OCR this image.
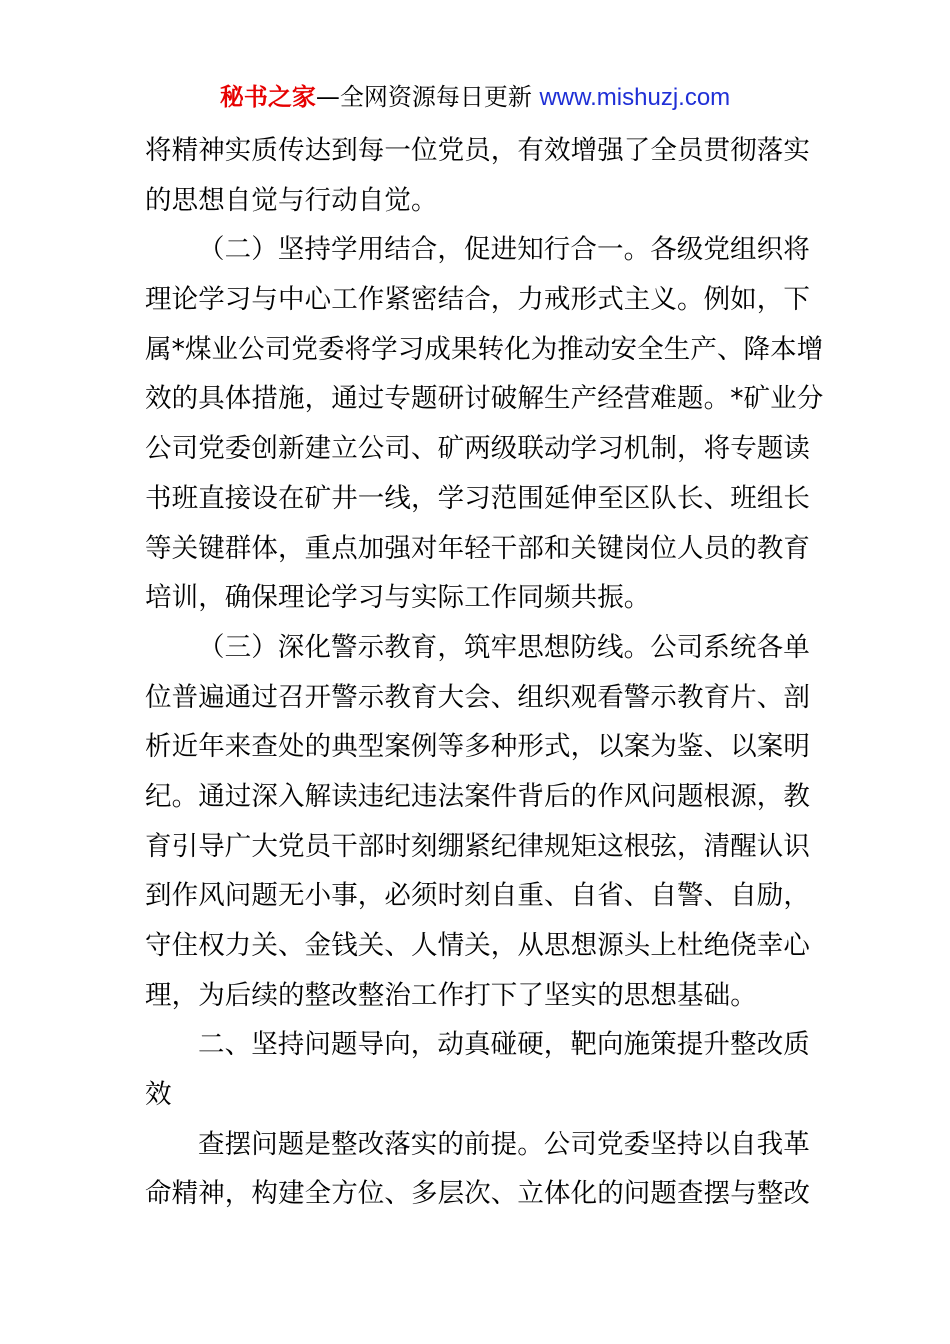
秘书之家—全网资源每日更新 www.mishuzj.com
将精神实质传达到每一位党员，有效增强了全员贯彻落实
的思想自觉与行动自觉。
（二）坚持学用结合，促进知行合一。各级党组织将
理论学习与中心工作紧密结合，力戒形式主义。例如，下
属*煤业公司党委将学习成果转化为推动安全生产、降本增
效的具体措施，通过专题研讨破解生产经营难题。*矿业分
公司党委创新建立公司、矿两级联动学习机制，将专题读
书班直接设在矿井一线，学习范围延伸至区队长、班组长
等关键群体，重点加强对年轻干部和关键岗位人员的教育
培训，确保理论学习与实际工作同频共振。
（三）深化警示教育，筑牢思想防线。公司系统各单
位普遍通过召开警示教育大会、组织观看警示教育片、剖
析近年来查处的典型案例等多种形式，以案为鉴、以案明
纪。通过深入解读违纪违法案件背后的作风问题根源，教
育引导广大党员干部时刻绷紧纪律规矩这根弦，清醒认识
到作风问题无小事，必须时刻自重、自省、自警、自励，
守住权力关、金钱关、人情关，从思想源头上杜绝侥幸心
理，为后续的整改整治工作打下了坚实的思想基础。
二、坚持问题导向，动真碰硬，靶向施策提升整改质
效
查摆问题是整改落实的前提。公司党委坚持以自我革
命精神，构建全方位、多层次、立体化的问题查摆与整改
